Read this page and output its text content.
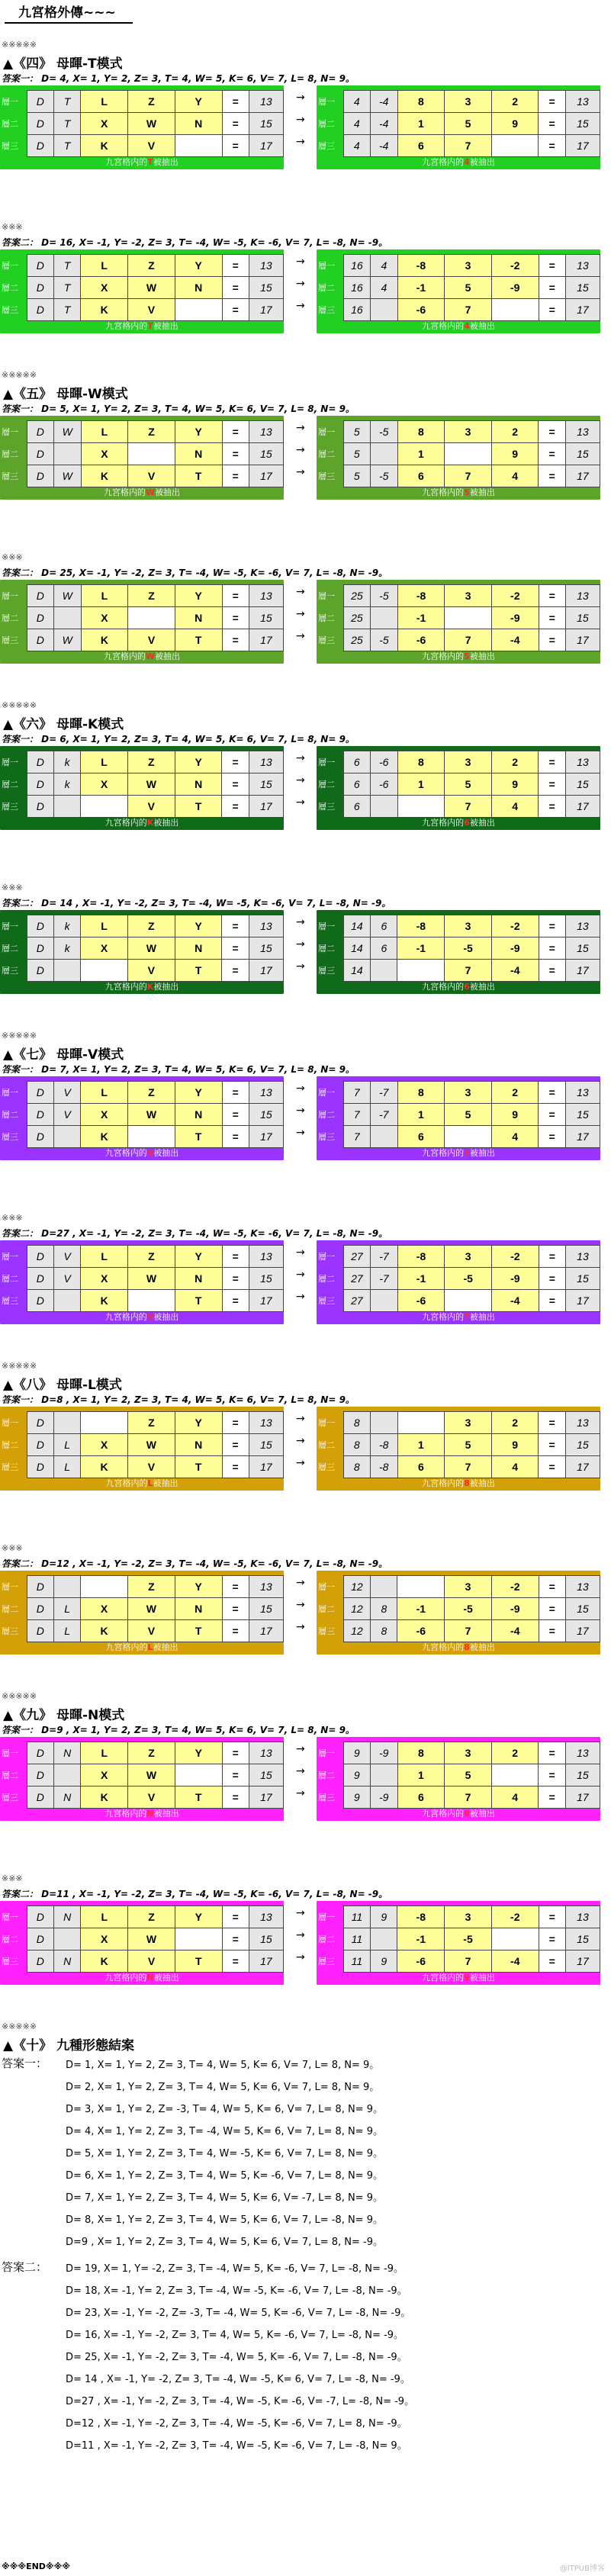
九宮格外傳~~~
※※※※※
▲《四》 母暉-T模式
答案一： D= 4, X= 1, Y= 2, Z= 3, T= 4, W= 5, K= 6, V= 7, L= 8, N= 9。
層一	D	T	L	Z	Y	=	13
層二	D	T	X	W	N	=	15
層三	D	T	K	V		=	17
九宮格内的T被抽出
層一	4	-4	8	3	2	=	13
層二	4	-4	1	5	9	=	15
層三	4	-4	6	7		=	17
九宮格内的4被抽出
→
→
→
※※※
答案二： D= 16, X= -1, Y= -2, Z= 3, T= -4, W= -5, K= -6, V= 7, L= -8, N= -9。
層一	D	T	L	Z	Y	=	13
層二	D	T	X	W	N	=	15
層三	D	T	K	V		=	17
九宮格内的T被抽出
層一	16	4	-8	3	-2	=	13
層二	16	4	-1	5	-9	=	15
層三	16		-6	7		=	17
九宮格内的4被抽出
→
→
→
※※※※※
▲《五》 母暉-W模式
答案一： D= 5, X= 1, Y= 2, Z= 3, T= 4, W= 5, K= 6, V= 7, L= 8, N= 9。
層一	D	W	L	Z	Y	=	13
層二	D		X		N	=	15
層三	D	W	K	V	T	=	17
九宮格内的W被抽出
層一	5	-5	8	3	2	=	13
層二	5		1		9	=	15
層三	5	-5	6	7	4	=	17
九宮格内的5被抽出
→
→
→
※※※
答案二： D= 25, X= -1, Y= -2, Z= 3, T= -4, W= -5, K= -6, V= 7, L= -8, N= -9。
層一	D	W	L	Z	Y	=	13
層二	D		X		N	=	15
層三	D	W	K	V	T	=	17
九宮格内的W被抽出
層一	25	-5	-8	3	-2	=	13
層二	25		-1		-9	=	15
層三	25	-5	-6	7	-4	=	17
九宮格内的5被抽出
→
→
→
※※※※※
▲《六》 母暉-K模式
答案一： D= 6, X= 1, Y= 2, Z= 3, T= 4, W= 5, K= 6, V= 7, L= 8, N= 9。
層一	D	k	L	Z	Y	=	13
層二	D	k	X	W	N	=	15
層三	D			V	T	=	17
九宮格内的K被抽出
層一	6	-6	8	3	2	=	13
層二	6	-6	1	5	9	=	15
層三	6			7	4	=	17
九宮格内的6被抽出
→
→
→
※※※
答案二： D= 14 , X= -1, Y= -2, Z= 3, T= -4, W= -5, K= -6, V= 7, L= -8, N= -9。
層一	D	k	L	Z	Y	=	13
層二	D	k	X	W	N	=	15
層三	D			V	T	=	17
九宮格内的K被抽出
層一	14	6	-8	3	-2	=	13
層二	14	6	-1	-5	-9	=	15
層三	14			7	-4	=	17
九宮格内的6被抽出
→
→
→
※※※※※
▲《七》 母暉-V模式
答案一： D= 7, X= 1, Y= 2, Z= 3, T= 4, W= 5, K= 6, V= 7, L= 8, N= 9。
層一	D	V	L	Z	Y	=	13
層二	D	V	X	W	N	=	15
層三	D		K		T	=	17
九宮格内的V被抽出
層一	7	-7	8	3	2	=	13
層二	7	-7	1	5	9	=	15
層三	7		6		4	=	17
九宮格内的7被抽出
→
→
→
※※※
答案二： D=27 , X= -1, Y= -2, Z= 3, T= -4, W= -5, K= -6, V= 7, L= -8, N= -9。
層一	D	V	L	Z	Y	=	13
層二	D	V	X	W	N	=	15
層三	D		K		T	=	17
九宮格内的V被抽出
層一	27	-7	-8	3	-2	=	13
層二	27	-7	-1	-5	-9	=	15
層三	27		-6		-4	=	17
九宮格内的7被抽出
→
→
→
※※※※※
▲《八》 母暉-L模式
答案一： D=8 , X= 1, Y= 2, Z= 3, T= 4, W= 5, K= 6, V= 7, L= 8, N= 9。
層一	D			Z	Y	=	13
層二	D	L	X	W	N	=	15
層三	D	L	K	V	T	=	17
九宮格内的L被抽出
層一	8			3	2	=	13
層二	8	-8	1	5	9	=	15
層三	8	-8	6	7	4	=	17
九宮格内的8被抽出
→
→
→
※※※
答案二： D=12 , X= -1, Y= -2, Z= 3, T= -4, W= -5, K= -6, V= 7, L= -8, N= -9。
層一	D			Z	Y	=	13
層二	D	L	X	W	N	=	15
層三	D	L	K	V	T	=	17
九宮格内的L被抽出
層一	12			3	-2	=	13
層二	12	8	-1	-5	-9	=	15
層三	12	8	-6	7	-4	=	17
九宮格内的8被抽出
→
→
→
※※※※※
▲《九》 母暉-N模式
答案一： D=9 , X= 1, Y= 2, Z= 3, T= 4, W= 5, K= 6, V= 7, L= 8, N= 9。
層一	D	N	L	Z	Y	=	13
層二	D		X	W		=	15
層三	D	N	K	V	T	=	17
九宮格内的N被抽出
層一	9	-9	8	3	2	=	13
層二	9		1	5		=	15
層三	9	-9	6	7	4	=	17
九宮格内的9被抽出
→
→
→
※※※
答案二： D=11 , X= -1, Y= -2, Z= 3, T= -4, W= -5, K= -6, V= 7, L= -8, N= -9。
層一	D	N	L	Z	Y	=	13
層二	D		X	W		=	15
層三	D	N	K	V	T	=	17
九宮格内的N被抽出
層一	11	9	-8	3	-2	=	13
層二	11		-1	-5		=	15
層三	11	9	-6	7	-4	=	17
九宮格内的9被抽出
→
→
→
※※※※※
▲《十》 九種形態結案
答案一： D= 1, X= 1, Y= 2, Z= 3, T= 4, W= 5, K= 6, V= 7, L= 8, N= 9。
D= 2, X= 1, Y= 2, Z= 3, T= 4, W= 5, K= 6, V= 7, L= 8, N= 9。
D= 3, X= 1, Y= 2, Z= -3, T= 4, W= 5, K= 6, V= 7, L= 8, N= 9。
D= 4, X= 1, Y= 2, Z= 3, T= -4, W= 5, K= 6, V= 7, L= 8, N= 9。
D= 5, X= 1, Y= 2, Z= 3, T= 4, W= -5, K= 6, V= 7, L= 8, N= 9。
D= 6, X= 1, Y= 2, Z= 3, T= 4, W= 5, K= -6, V= 7, L= 8, N= 9。
D= 7, X= 1, Y= 2, Z= 3, T= 4, W= 5, K= 6, V= -7, L= 8, N= 9。
D= 8, X= 1, Y= 2, Z= 3, T= 4, W= 5, K= 6, V= 7, L= -8, N= 9。
D=9 , X= 1, Y= 2, Z= 3, T= 4, W= 5, K= 6, V= 7, L= 8, N= -9。
答案二： D= 19, X= 1, Y= -2, Z= 3, T= -4, W= 5, K= -6, V= 7, L= -8, N= -9。
D= 18, X= -1, Y= 2, Z= 3, T= -4, W= -5, K= -6, V= 7, L= -8, N= -9。
D= 23, X= -1, Y= -2, Z= -3, T= -4, W= 5, K= -6, V= 7, L= -8, N= -9。
D= 16, X= -1, Y= -2, Z= 3, T= 4, W= 5, K= -6, V= 7, L= -8, N= -9。
D= 25, X= -1, Y= -2, Z= 3, T= -4, W= 5, K= -6, V= 7, L= -8, N= -9。
D= 14 , X= -1, Y= -2, Z= 3, T= -4, W= -5, K= 6, V= 7, L= -8, N= -9。
D=27 , X= -1, Y= -2, Z= 3, T= -4, W= -5, K= -6, V= -7, L= -8, N= -9。
D=12 , X= -1, Y= -2, Z= 3, T= -4, W= -5, K= -6, V= 7, L= 8, N= -9。
D=11 , X= -1, Y= -2, Z= 3, T= -4, W= -5, K= -6, V= 7, L= -8, N= 9。
※※※END※※※	@ITPUB博客
